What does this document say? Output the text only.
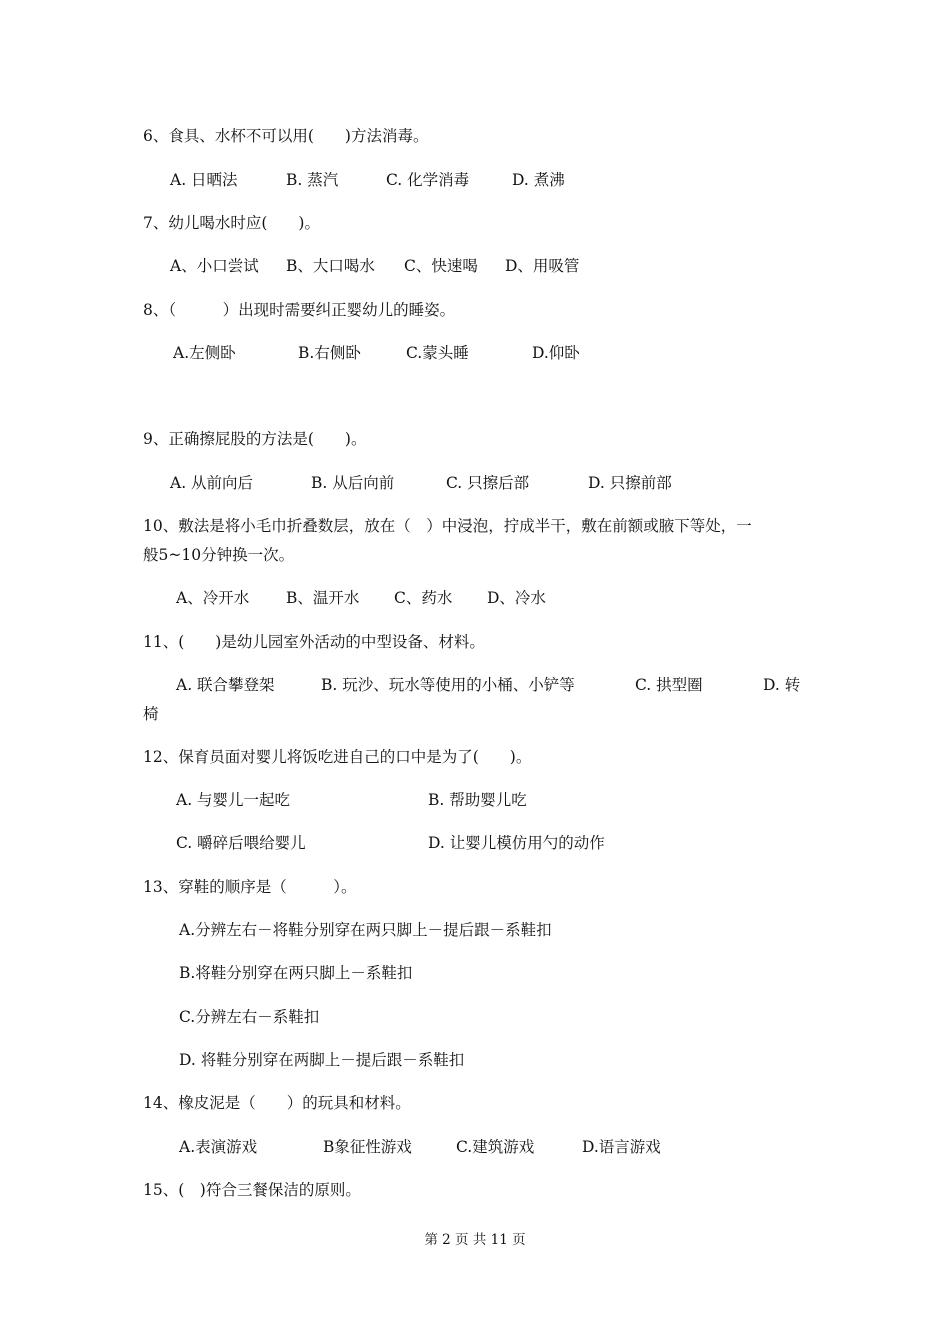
6、食具、水杯不可以用(　　)方法消毒。
A. 日晒法	B. 蒸汽	C. 化学消毒	D. 煮沸
7、幼儿喝水时应(　　)。
A、小口尝试 B、大口喝水 C、快速喝 D、用吸管
8、（　　　）出现时需要纠正婴幼儿的睡姿。
A.左侧卧	B.右侧卧	C.蒙头睡	D.仰卧
9、正确擦屁股的方法是(　　)。
A. 从前向后	B. 从后向前	C. 只擦后部	D. 只擦前部
10、敷法是将小毛巾折叠数层，放在（　）中浸泡，拧成半干，敷在前额或腋下等处，一
般5~10分钟换一次。
A、冷开水 B、温开水 C、药水 D、冷水
11、(　　)是幼儿园室外活动的中型设备、材料。
A. 联合攀登架	B. 玩沙、玩水等使用的小桶、小铲等	C. 拱型圈	D. 转
椅
12、保育员面对婴儿将饭吃进自己的口中是为了(　　)。
A. 与婴儿一起吃	B. 帮助婴儿吃
C. 嚼碎后喂给婴儿	D. 让婴儿模仿用勺的动作
13、穿鞋的顺序是（　　　）。
A.分辨左右－将鞋分别穿在两只脚上－提后跟－系鞋扣
B.将鞋分别穿在两只脚上－系鞋扣
C.分辨左右－系鞋扣
D. 将鞋分别穿在两脚上－提后跟－系鞋扣
14、橡皮泥是（　　）的玩具和材料。
A.表演游戏	B象征性游戏	C.建筑游戏	D.语言游戏
15、(　)符合三餐保洁的原则。
第 2 页 共 11 页
